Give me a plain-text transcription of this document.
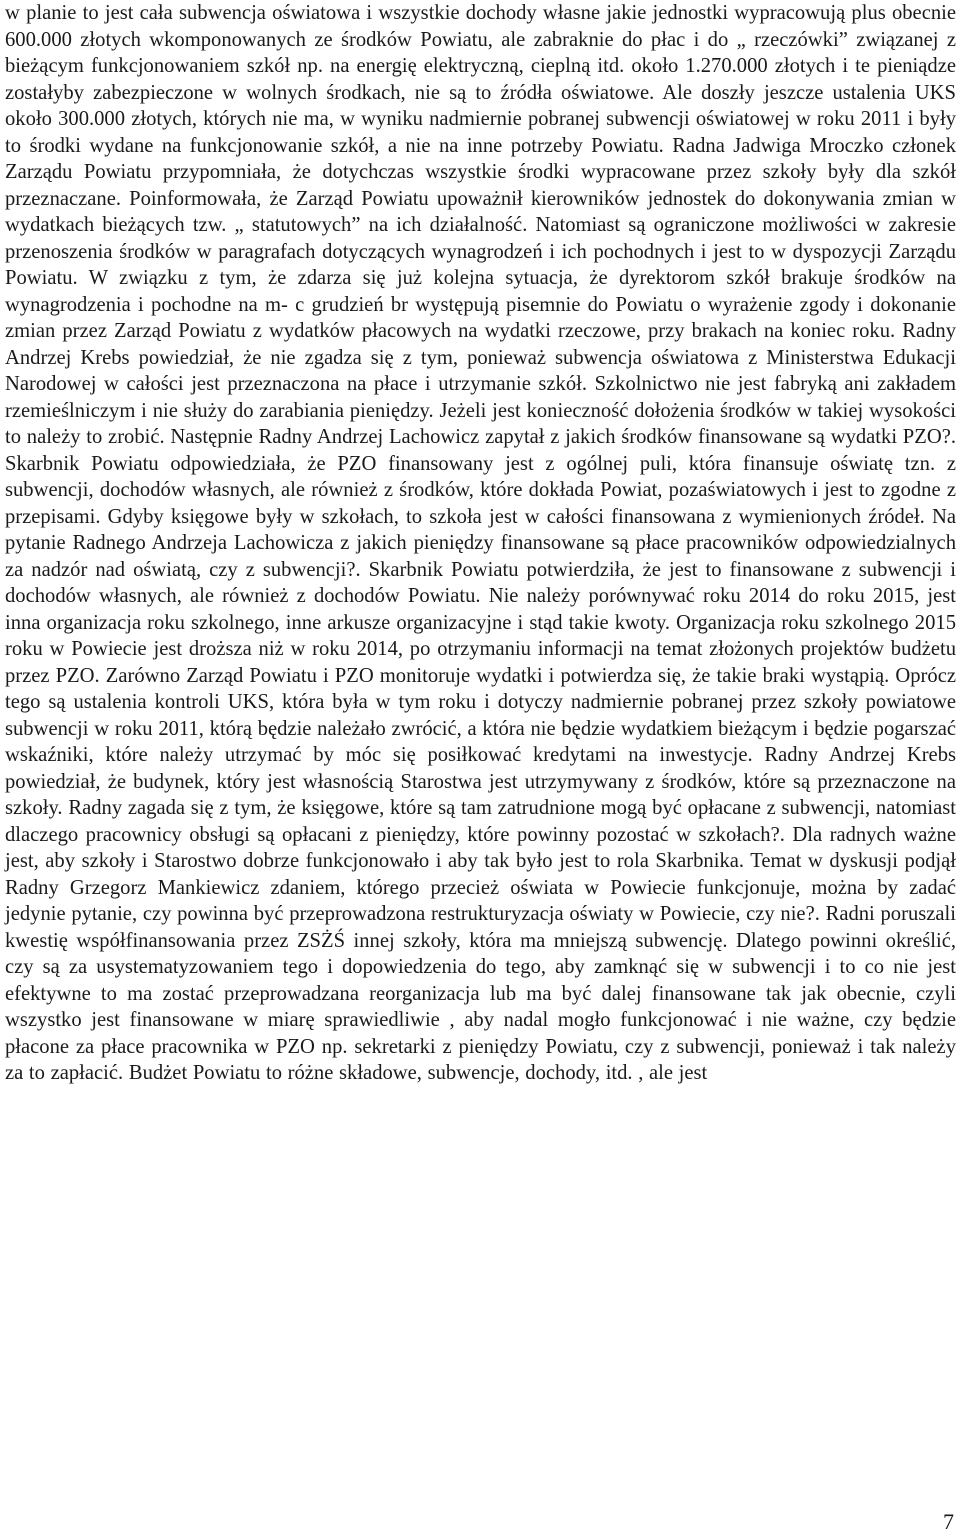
w planie to jest cała subwencja oświatowa i wszystkie dochody własne jakie jednostki wypracowują plus obecnie 600.000 złotych wkomponowanych ze środków Powiatu, ale zabraknie do płac i do „ rzeczówki” związanej z bieżącym funkcjonowaniem szkół np. na energię elektryczną, cieplną itd. około 1.270.000 złotych i te pieniądze zostałyby zabezpieczone w wolnych środkach, nie są to źródła oświatowe. Ale doszły jeszcze ustalenia UKS około 300.000 złotych, których nie ma, w wyniku nadmiernie pobranej subwencji oświatowej w roku 2011 i były to środki wydane na funkcjonowanie szkół, a nie na inne potrzeby Powiatu. Radna Jadwiga Mroczko członek Zarządu Powiatu przypomniała, że dotychczas wszystkie środki wypracowane przez szkoły były dla szkół przeznaczane. Poinformowała, że Zarząd Powiatu upoważnił kierowników jednostek do dokonywania zmian w wydatkach bieżących tzw. „ statutowych” na ich działalność. Natomiast są ograniczone możliwości w zakresie przenoszenia środków w paragrafach dotyczących wynagrodzeń i ich pochodnych i jest to w dyspozycji Zarządu Powiatu. W związku z tym, że zdarza się już kolejna sytuacja, że dyrektorom szkół brakuje środków na wynagrodzenia i pochodne na m- c grudzień br występują pisemnie do Powiatu o wyrażenie zgody i dokonanie zmian przez Zarząd Powiatu z wydatków płacowych na wydatki rzeczowe, przy brakach na koniec roku. Radny Andrzej Krebs powiedział, że nie zgadza się z tym, ponieważ subwencja oświatowa z Ministerstwa Edukacji Narodowej w całości jest przeznaczona na płace i utrzymanie szkół. Szkolnictwo nie jest fabryką ani zakładem rzemieślniczym i nie służy do zarabiania pieniędzy. Jeżeli jest konieczność dołożenia środków w takiej wysokości to należy to zrobić. Następnie Radny Andrzej Lachowicz zapytał z jakich środków finansowane są wydatki PZO?. Skarbnik Powiatu odpowiedziała, że PZO finansowany jest z ogólnej puli, która finansuje oświatę tzn. z subwencji, dochodów własnych, ale również z środków, które dokłada Powiat, pozaświatowych i jest to zgodne z przepisami. Gdyby księgowe były w szkołach, to szkoła jest w całości finansowana z wymienionych źródeł. Na pytanie Radnego Andrzeja Lachowicza z jakich pieniędzy finansowane są płace pracowników odpowiedzialnych za nadzór nad oświatą, czy z subwencji?. Skarbnik Powiatu potwierdziła, że jest to finansowane z subwencji i dochodów własnych, ale również z dochodów Powiatu. Nie należy porównywać roku 2014 do roku 2015, jest inna organizacja roku szkolnego, inne arkusze organizacyjne i stąd takie kwoty. Organizacja roku szkolnego 2015 roku w Powiecie jest droższa niż w roku 2014, po otrzymaniu informacji na temat złożonych projektów budżetu przez PZO. Zarówno Zarząd Powiatu i PZO monitoruje wydatki i potwierdza się, że takie braki wystąpią. Oprócz tego są ustalenia kontroli UKS, która była w tym roku i dotyczy nadmiernie pobranej przez szkoły powiatowe subwencji w roku 2011, którą będzie należało zwrócić, a która nie będzie wydatkiem bieżącym i będzie pogarszać wskaźniki, które należy utrzymać by móc się posiłkować kredytami na inwestycje. Radny Andrzej Krebs powiedział, że budynek, który jest własnością Starostwa jest utrzymywany z środków, które są przeznaczone na szkoły. Radny zagada się z tym, że księgowe, które są tam zatrudnione mogą być opłacane z subwencji, natomiast dlaczego pracownicy obsługi są opłacani z pieniędzy, które powinny pozostać w szkołach?. Dla radnych ważne jest, aby szkoły i Starostwo dobrze funkcjonowało i aby tak było jest to rola Skarbnika. Temat w dyskusji podjął Radny Grzegorz Mankiewicz zdaniem, którego przecież oświata w Powiecie funkcjonuje, można by zadać jedynie pytanie, czy powinna być przeprowadzona restrukturyzacja oświaty w Powiecie, czy nie?. Radni poruszali kwestię współfinansowania przez ZSŻŚ innej szkoły, która ma mniejszą subwencję. Dlatego powinni określić, czy są za usystematyzowaniem tego i dopowiedzenia do tego, aby zamknąć się w subwencji i to co nie jest efektywne to ma zostać przeprowadzana reorganizacja lub ma być dalej finansowane tak jak obecnie, czyli wszystko jest finansowane w miarę sprawiedliwie , aby nadal mogło funkcjonować i nie ważne, czy będzie płacone za płace pracownika w PZO np. sekretarki z pieniędzy Powiatu, czy z subwencji, ponieważ i tak należy za to zapłacić. Budżet Powiatu to różne składowe, subwencje, dochody, itd. , ale jest

7
